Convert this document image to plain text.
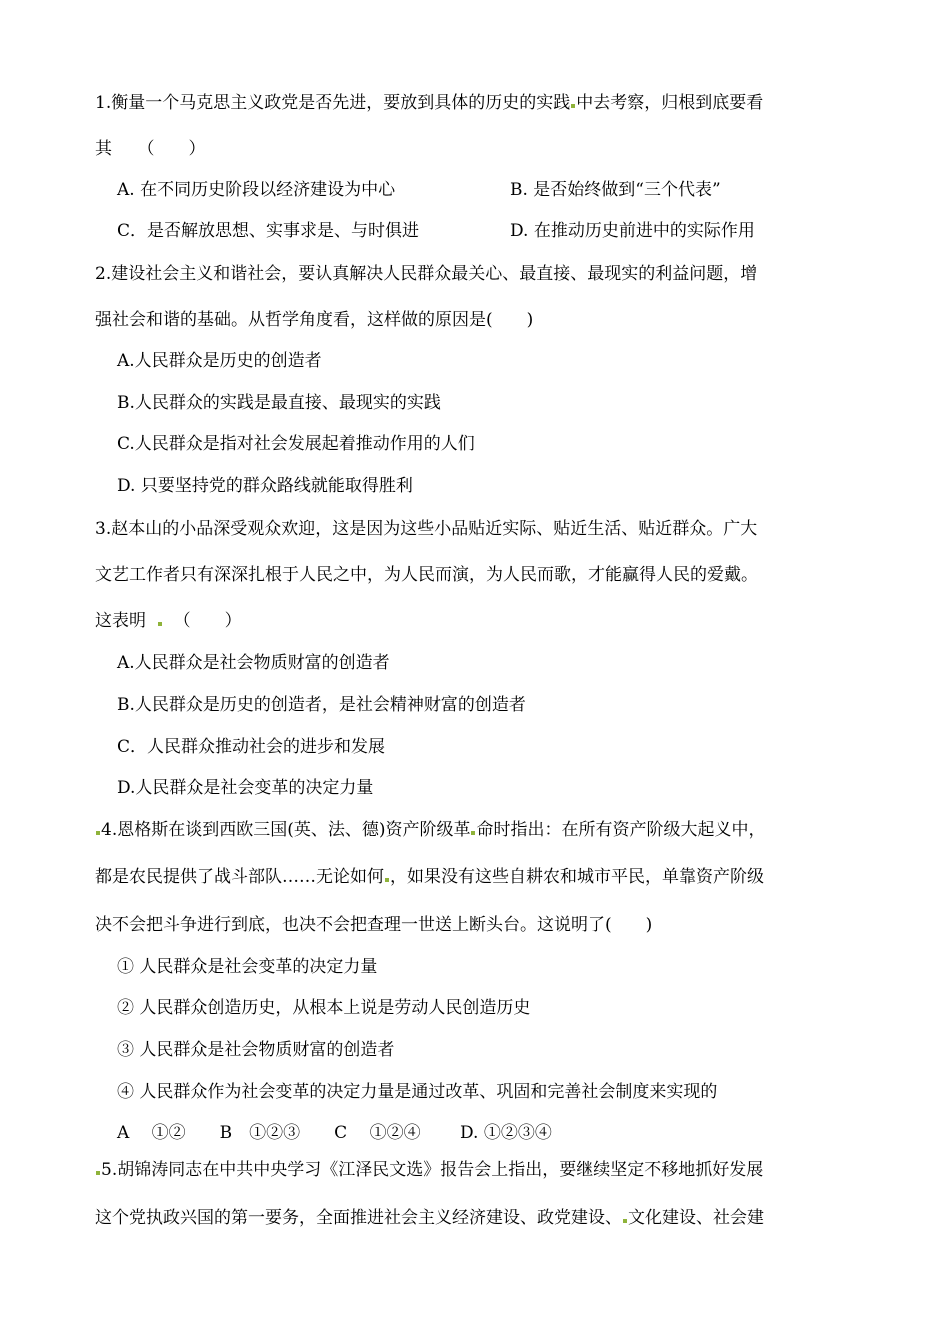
1.衡量一个马克思主义政党是否先进，要放到具体的历史的实践 中去考察，归根到底要看
其　　（　　）
A. 在不同历史阶段以经济建设为中心	B. 是否始终做到“三个代表”
C．是否解放思想、实事求是、与时俱进	D. 在推动历史前进中的实际作用
2.建设社会主义和谐社会，要认真解决人民群众最关心、最直接、最现实的利益问题，增
强社会和谐的基础。从哲学角度看，这样做的原因是(　　)
A.人民群众是历史的创造者
B.人民群众的实践是最直接、最现实的实践
C.人民群众是指对社会发展起着推动作用的人们
D. 只要坚持党的群众路线就能取得胜利
3.赵本山的小品深受观众欢迎，这是因为这些小品贴近实际、贴近生活、贴近群众。广大
文艺工作者只有深深扎根于人民之中，为人民而演，为人民而歌，才能赢得人民的爱戴。
这表明 （　　）
A.人民群众是社会物质财富的创造者
B.人民群众是历史的创造者，是社会精神财富的创造者
C．人民群众推动社会的进步和发展
D.人民群众是社会变革的决定力量
4.恩格斯在谈到西欧三国(英、法、德)资产阶级革 命时指出：在所有资产阶级大起义中，
都是农民提供了战斗部队……无论如何 ，如果没有这些自耕农和城市平民，单靠资产阶级
决不会把斗争进行到底，也决不会把查理一世送上断头台。这说明了(　　)
① 人民群众是社会变革的决定力量
② 人民群众创造历史，从根本上说是劳动人民创造历史
③ 人民群众是社会物质财富的创造者
④ 人民群众作为社会变革的决定力量是通过改革、巩固和完善社会制度来实现的
A　 ①②　　B　①②③　　C　 ①②④　　 D. ①②③④
5.胡锦涛同志在中共中央学习《江泽民文选》报告会上指出，要继续坚定不移地抓好发展
这个党执政兴国的第一要务，全面推进社会主义经济建设、政党建设、 文化建设、社会建
